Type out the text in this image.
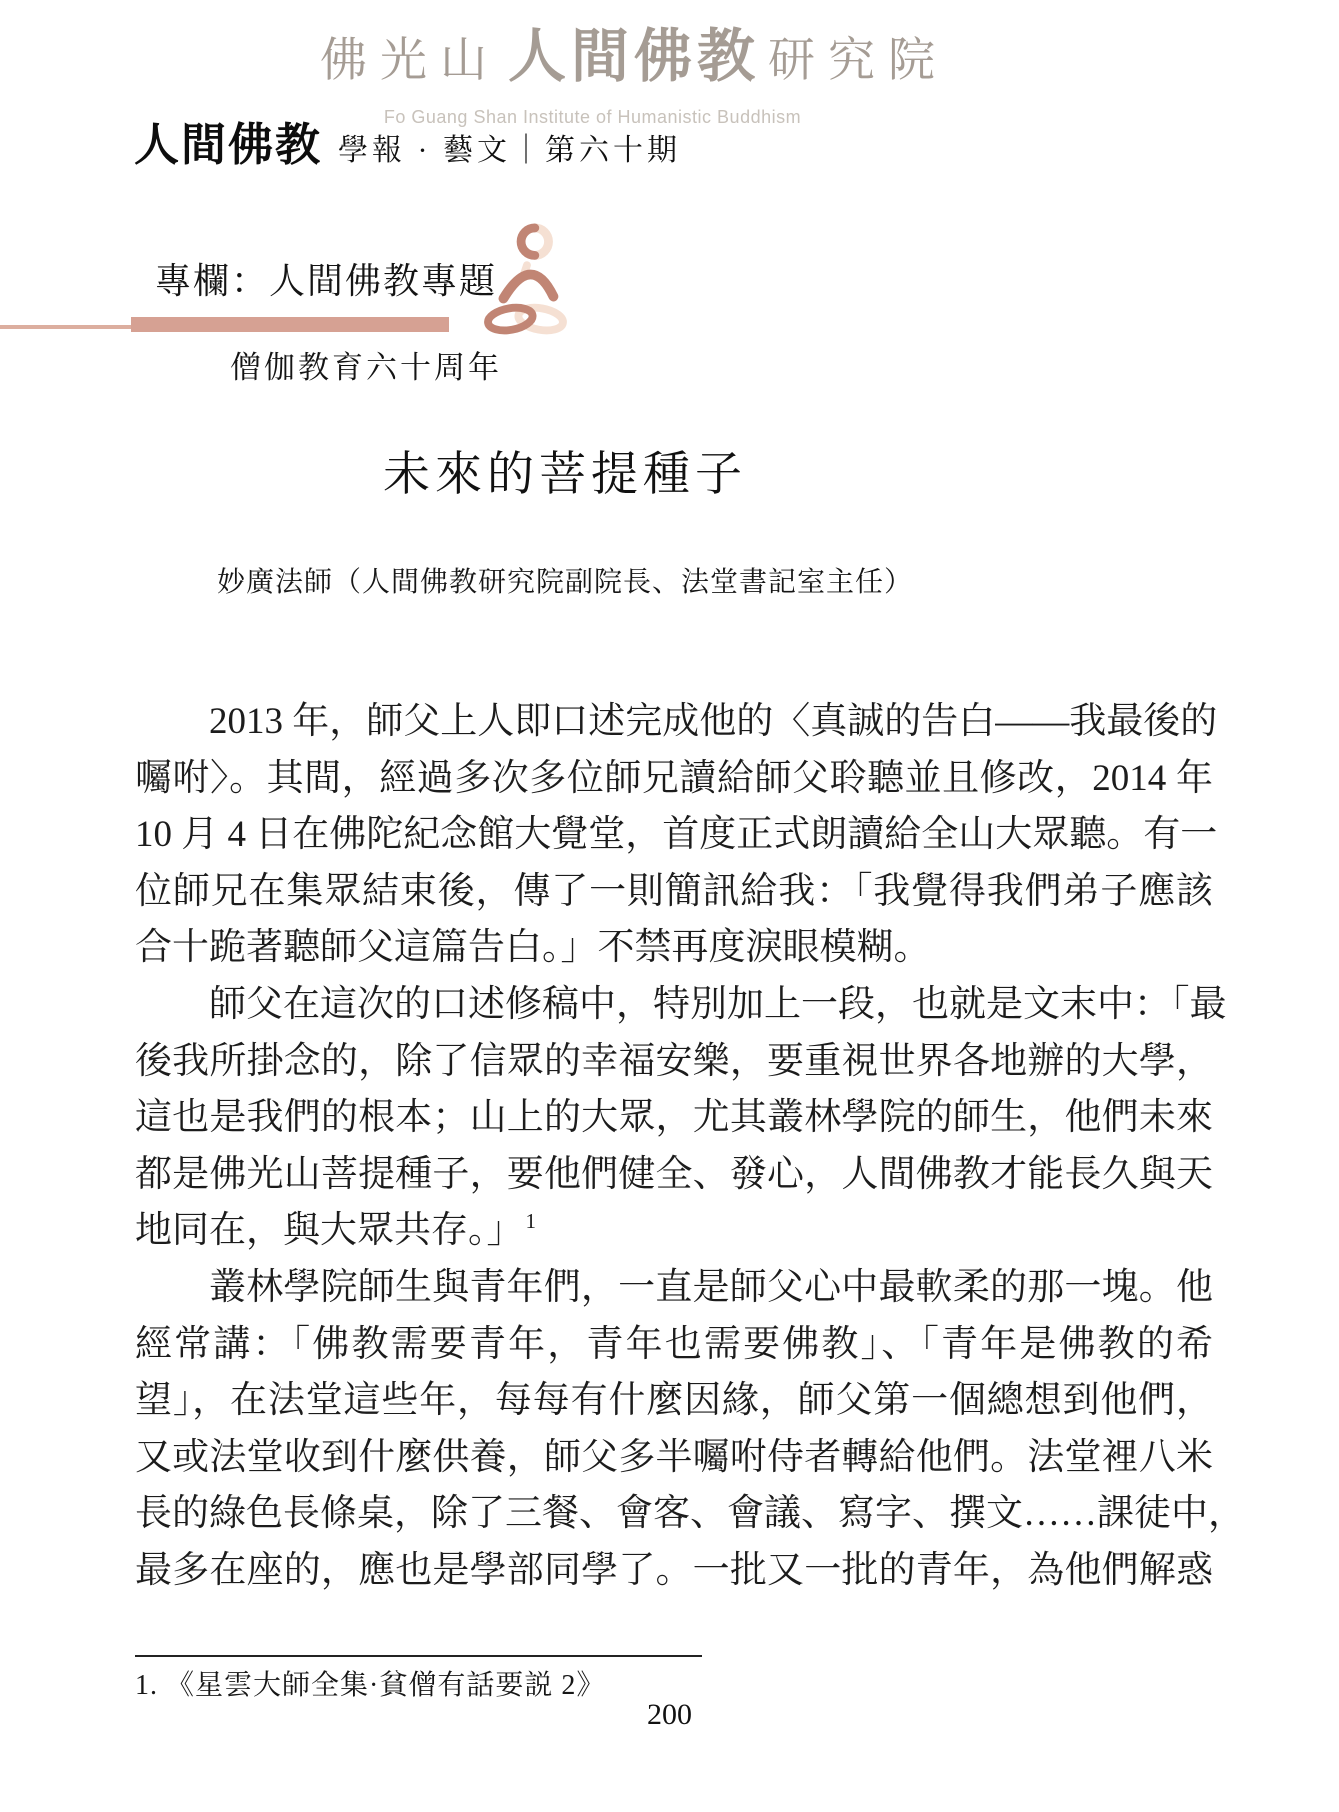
佛光山 人間佛教 研究院
Fo Guang Shan Institute of Humanistic Buddhism
人間佛教 學報 · 藝文｜第六十期
專欄：人間佛教專題
僧伽教育六十周年
未來的菩提種子
妙廣法師（人間佛教研究院副院長、法堂書記室主任）
2013 年，師父上人即口述完成他的〈真誠的告白——我最後的
囑咐〉。其間，經過多次多位師兄讀給師父聆聽並且修改，2014 年
10 月 4 日在佛陀紀念館大覺堂，首度正式朗讀給全山大眾聽。有一
位師兄在集眾結束後，傳了一則簡訊給我：「我覺得我們弟子應該
合十跪著聽師父這篇告白。」不禁再度淚眼模糊。
師父在這次的口述修稿中，特別加上一段，也就是文末中：「最
後我所掛念的，除了信眾的幸福安樂，要重視世界各地辦的大學，
這也是我們的根本；山上的大眾，尤其叢林學院的師生，他們未來
都是佛光山菩提種子，要他們健全、發心，人間佛教才能長久與天
地同在，與大眾共存。」$^1$
叢林學院師生與青年們，一直是師父心中最軟柔的那一塊。他
經常講：「佛教需要青年，青年也需要佛教」、「青年是佛教的希
望」，在法堂這些年，每每有什麼因緣，師父第一個總想到他們，
又或法堂收到什麼供養，師父多半囑咐侍者轉給他們。法堂裡八米
長的綠色長條桌，除了三餐、會客、會議、寫字、撰文……課徒中，
最多在座的，應也是學部同學了。一批又一批的青年，為他們解惑
1. 《星雲大師全集·貧僧有話要説 2》
200
